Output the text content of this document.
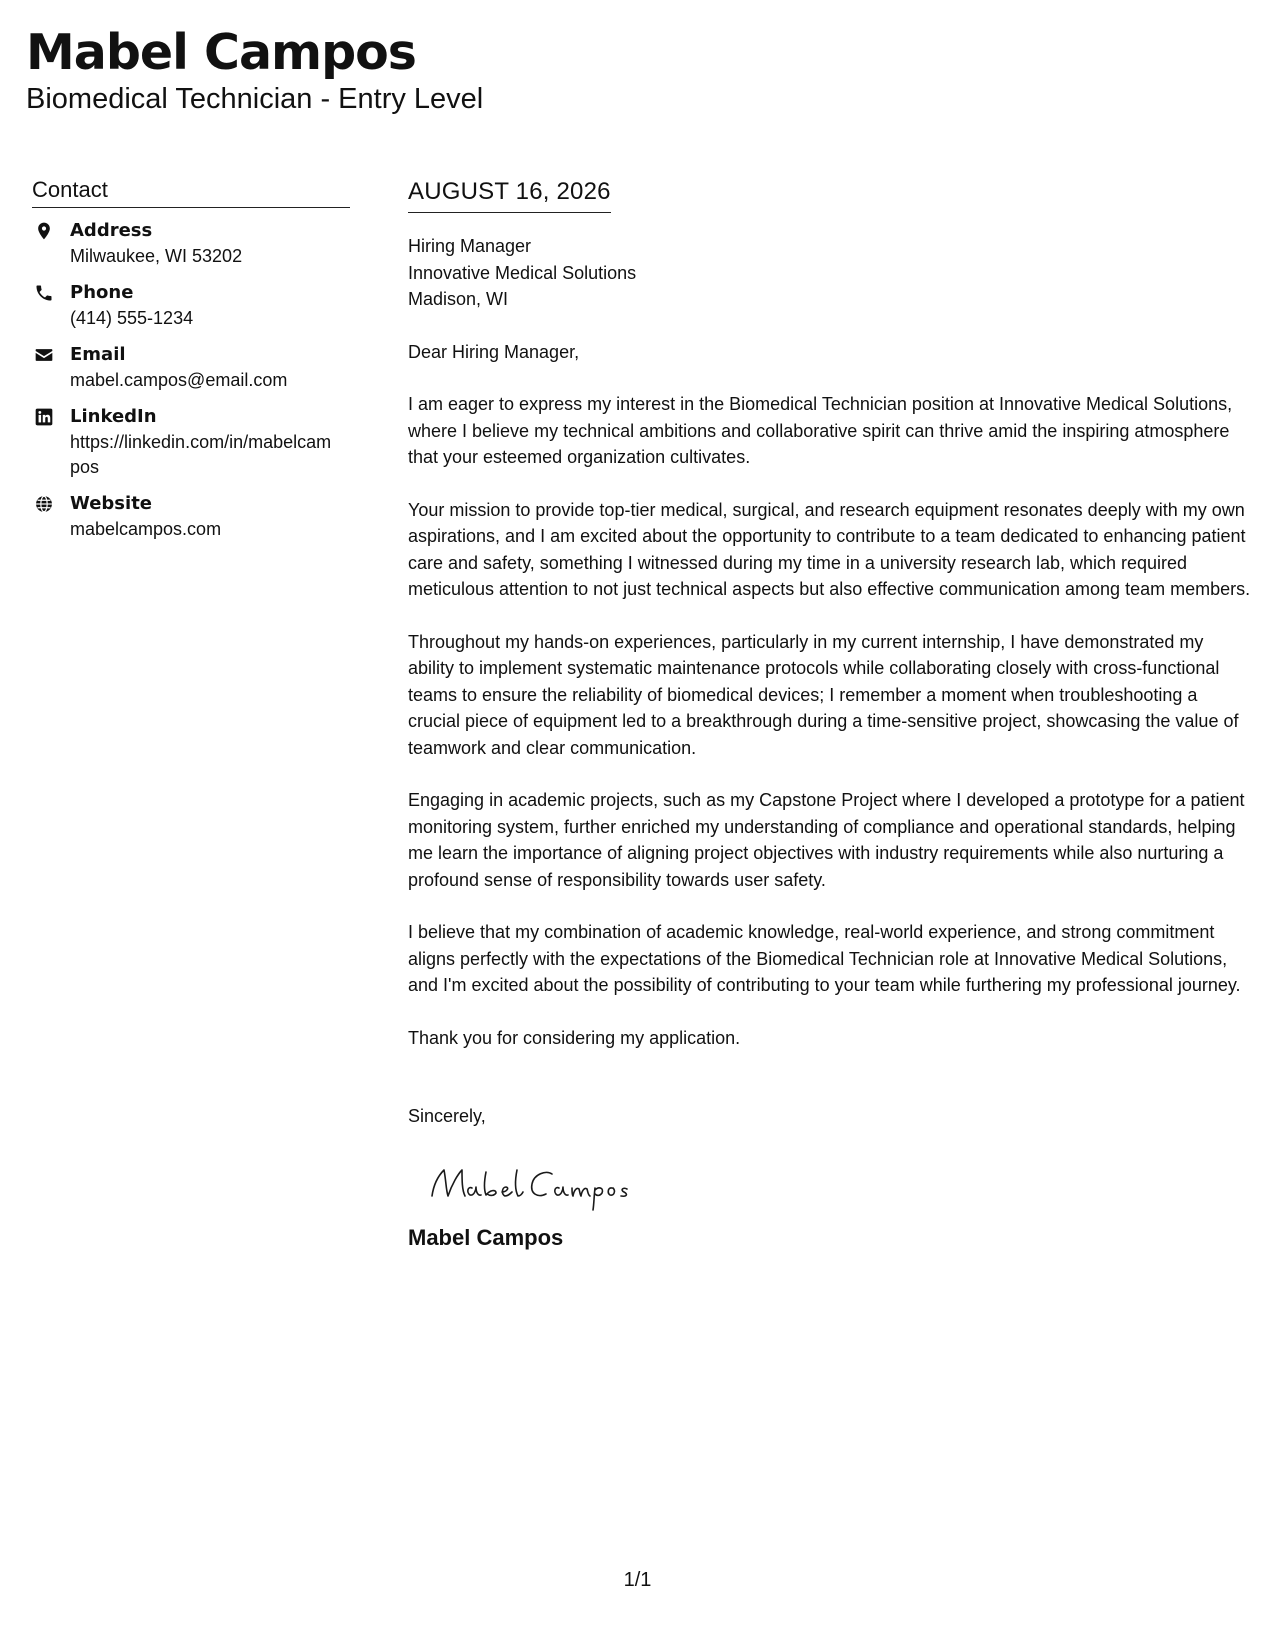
Mabel Campos
Biomedical Technician - Entry Level
Contact
Address
Milwaukee, WI 53202
Phone
(414) 555-1234
Email
mabel.campos@email.com
LinkedIn
https://linkedin.com/in/mabelcampos
Website
mabelcampos.com
AUGUST 16, 2026
Hiring Manager
Innovative Medical Solutions
Madison, WI

Dear Hiring Manager,

I am eager to express my interest in the Biomedical Technician position at Innovative Medical Solutions, where I believe my technical ambitions and collaborative spirit can thrive amid the inspiring atmosphere that your esteemed organization cultivates.

Your mission to provide top-tier medical, surgical, and research equipment resonates deeply with my own aspirations, and I am excited about the opportunity to contribute to a team dedicated to enhancing patient care and safety, something I witnessed during my time in a university research lab, which required meticulous attention to not just technical aspects but also effective communication among team members.

Throughout my hands-on experiences, particularly in my current internship, I have demonstrated my ability to implement systematic maintenance protocols while collaborating closely with cross-functional teams to ensure the reliability of biomedical devices; I remember a moment when troubleshooting a crucial piece of equipment led to a breakthrough during a time-sensitive project, showcasing the value of teamwork and clear communication.

Engaging in academic projects, such as my Capstone Project where I developed a prototype for a patient monitoring system, further enriched my understanding of compliance and operational standards, helping me learn the importance of aligning project objectives with industry requirements while also nurturing a profound sense of responsibility towards user safety.

I believe that my combination of academic knowledge, real-world experience, and strong commitment aligns perfectly with the expectations of the Biomedical Technician role at Innovative Medical Solutions, and I'm excited about the possibility of contributing to your team while furthering my professional journey.

Thank you for considering my application.

Sincerely,

Mabel Campos
1/1
